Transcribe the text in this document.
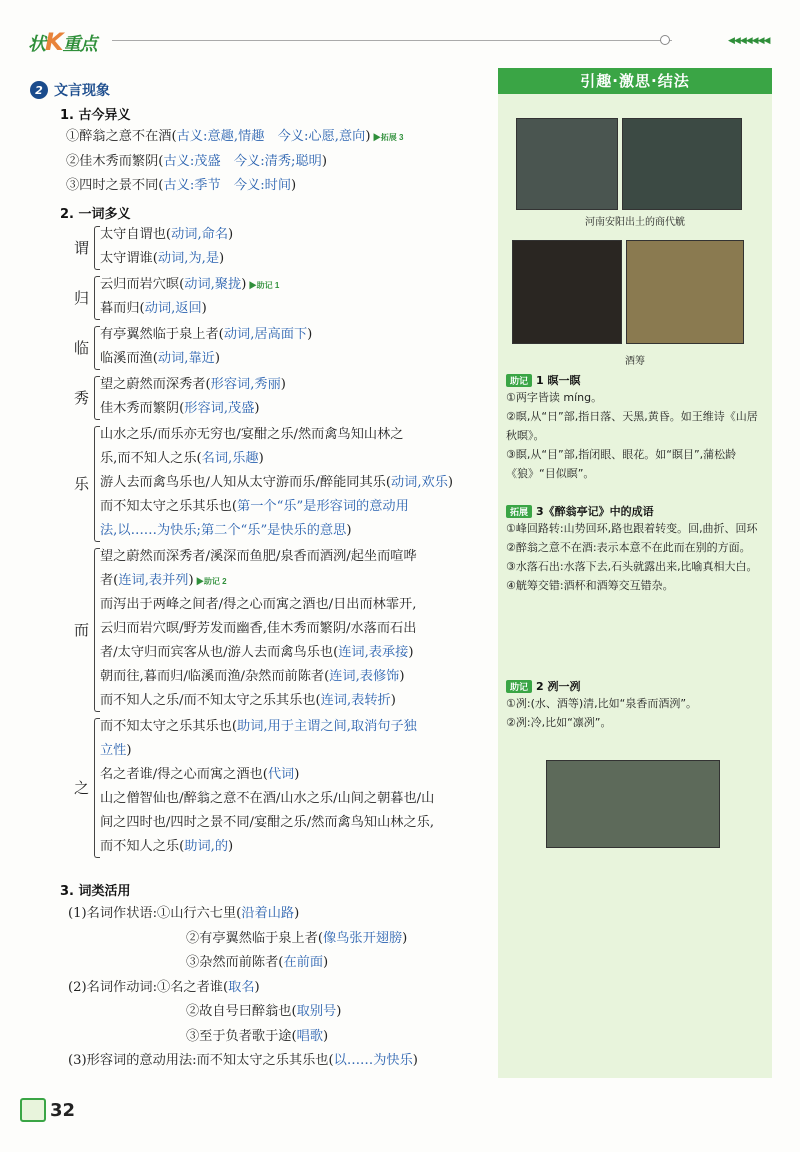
状K重点	◀◀◀◀◀◀◀
2 文言现象
1. 古今异义
①醉翁之意不在酒(古义:意趣,情趣　今义:心愿,意向) ▶拓展 3
②佳木秀而繁阴(古义:茂盛　今义:清秀;聪明)
③四时之景不同(古义:季节　今义:时间)
2. 一词多义
谓
太守自谓也(动词,命名)
太守谓谁(动词,为,是)
归
云归而岩穴暝(动词,聚拢) ▶助记 1
暮而归(动词,返回)
临
有亭翼然临于泉上者(动词,居高面下)
临溪而渔(动词,靠近)
秀
望之蔚然而深秀者(形容词,秀丽)
佳木秀而繁阴(形容词,茂盛)
乐
山水之乐/而乐亦无穷也/宴酣之乐/然而禽鸟知山林之
乐,而不知人之乐(名词,乐趣)
游人去而禽鸟乐也/人知从太守游而乐/醉能同其乐(动词,欢乐)
而不知太守之乐其乐也(第一个“乐”是形容词的意动用
法,以……为快乐;第二个“乐”是快乐的意思)
而
望之蔚然而深秀者/溪深而鱼肥/泉香而酒洌/起坐而喧哗
者(连词,表并列) ▶助记 2
而泻出于两峰之间者/得之心而寓之酒也/日出而林霏开,
云归而岩穴暝/野芳发而幽香,佳木秀而繁阴/水落而石出
者/太守归而宾客从也/游人去而禽鸟乐也(连词,表承接)
朝而往,暮而归/临溪而渔/杂然而前陈者(连词,表修饰)
而不知人之乐/而不知太守之乐其乐也(连词,表转折)
之
而不知太守之乐其乐也(助词,用于主谓之间,取消句子独
立性)
名之者谁/得之心而寓之酒也(代词)
山之僧智仙也/醉翁之意不在酒/山水之乐/山间之朝暮也/山
间之四时也/四时之景不同/宴酣之乐/然而禽鸟知山林之乐,
而不知人之乐(助词,的)
3. 词类活用
(1)名词作状语:①山行六七里(沿着山路)
②有亭翼然临于泉上者(像鸟张开翅膀)
③杂然而前陈者(在前面)
(2)名词作动词:①名之者谁(取名)
②故自号曰醉翁也(取别号)
③至于负者歌于途(唱歌)
(3)形容词的意动用法:而不知太守之乐其乐也(以……为快乐)
引趣·激思·结法
河南安阳出土的商代觥
酒筹
助记 1 暝一瞑
①两字皆读 míng。
②暝,从“日”部,指日落、天黑,黄昏。如王维诗《山居秋暝》。
③瞑,从“目”部,指闭眼、眼花。如“瞑目”,蒲松龄《狼》“目似瞑”。
拓展 3《醉翁亭记》中的成语
①峰回路转:山势回环,路也跟着转变。回,曲折、回环
②醉翁之意不在酒:表示本意不在此而在别的方面。
③水落石出:水落下去,石头就露出来,比喻真相大白。
④觥筹交错:酒杯和酒筹交互错杂。
助记 2 冽一冽
①冽:(水、酒等)清,比如“泉香而酒洌”。
②冽:冷,比如“凛冽”。
32
